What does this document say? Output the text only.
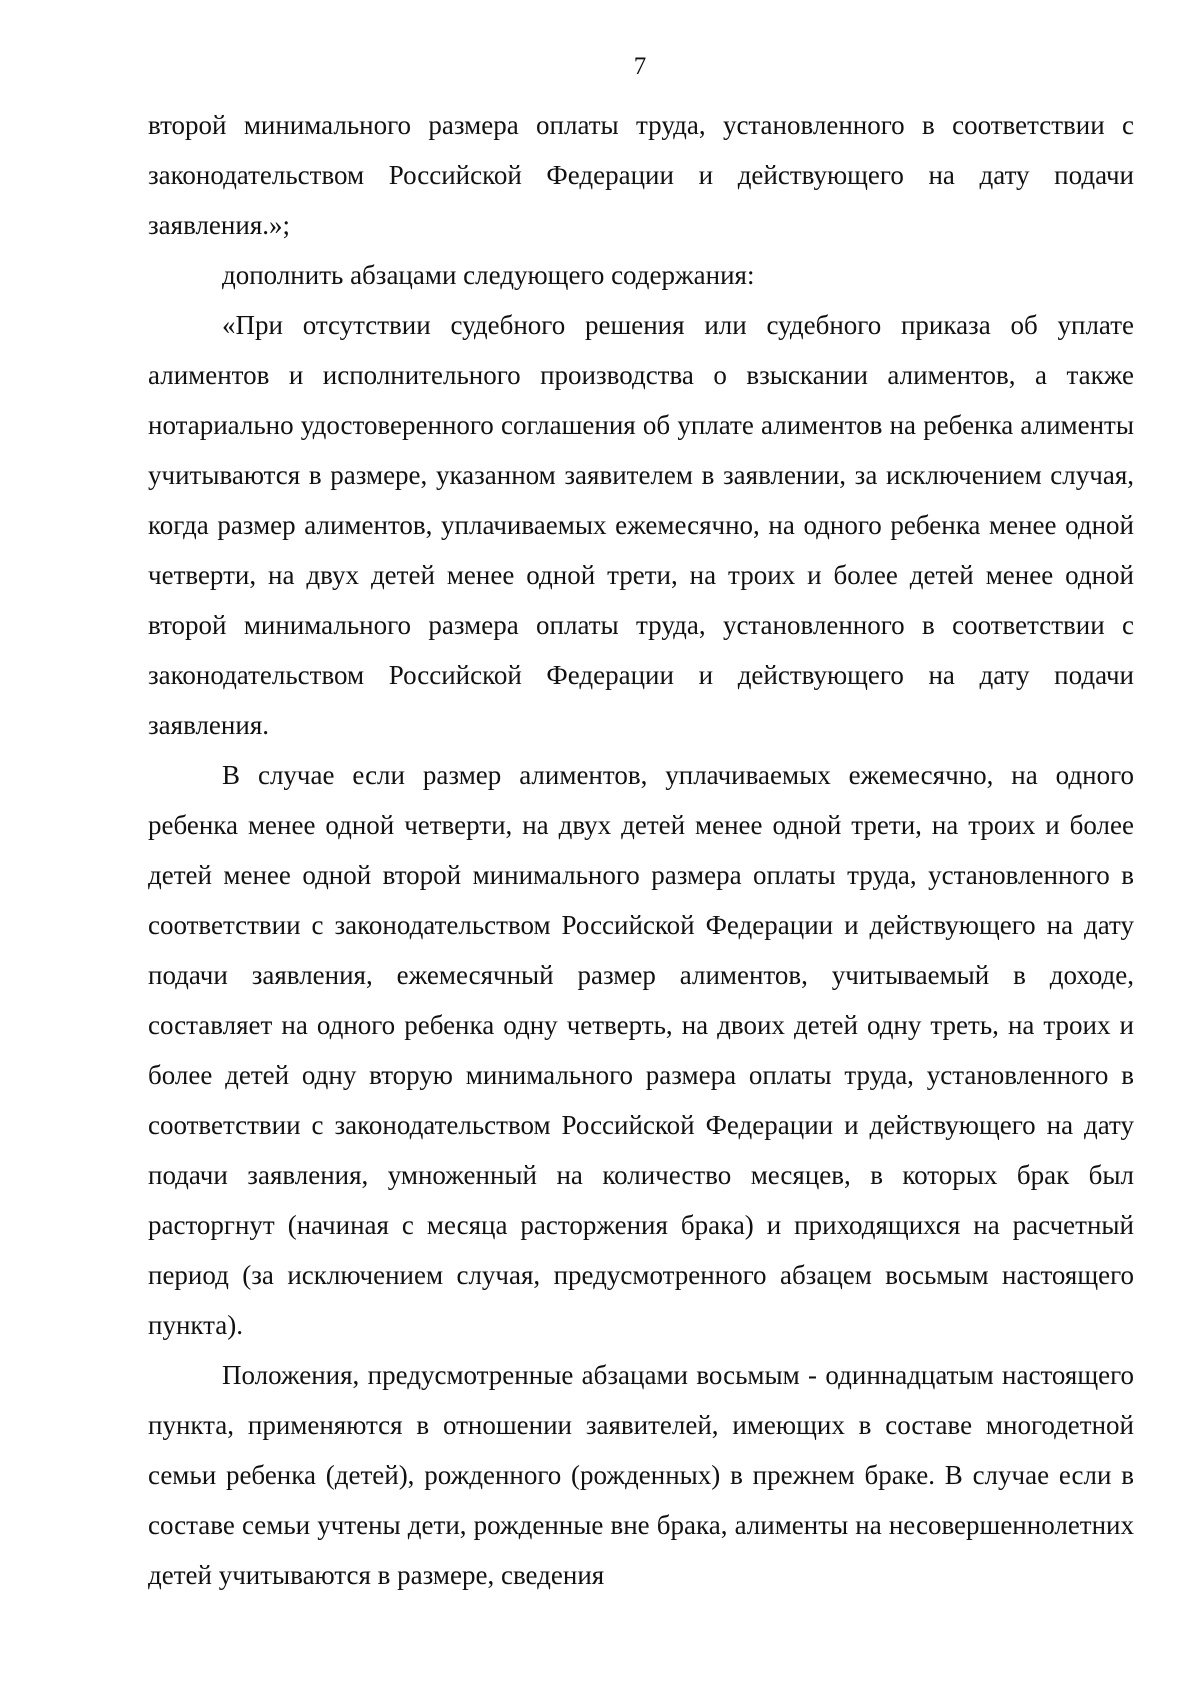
7

второй минимального размера оплаты труда, установленного в соответствии с законодательством Российской Федерации и действующего на дату подачи заявления.»;

дополнить абзацами следующего содержания:

«При отсутствии судебного решения или судебного приказа об уплате алиментов и исполнительного производства о взыскании алиментов, а также нотариально удостоверенного соглашения об уплате алиментов на ребенка алименты учитываются в размере, указанном заявителем в заявлении, за исключением случая, когда размер алиментов, уплачиваемых ежемесячно, на одного ребенка менее одной четверти, на двух детей менее одной трети, на троих и более детей менее одной второй минимального размера оплаты труда, установленного в соответствии с законодательством Российской Федерации и действующего на дату подачи заявления.

В случае если размер алиментов, уплачиваемых ежемесячно, на одного ребенка менее одной четверти, на двух детей менее одной трети, на троих и более детей менее одной второй минимального размера оплаты труда, установленного в соответствии с законодательством Российской Федерации и действующего на дату подачи заявления, ежемесячный размер алиментов, учитываемый в доходе, составляет на одного ребенка одну четверть, на двоих детей одну треть, на троих и более детей одну вторую минимального размера оплаты труда, установленного в соответствии с законодательством Российской Федерации и действующего на дату подачи заявления, умноженный на количество месяцев, в которых брак был расторгнут (начиная с месяца расторжения брака) и приходящихся на расчетный период (за исключением случая, предусмотренного абзацем восьмым настоящего пункта).

Положения, предусмотренные абзацами восьмым - одиннадцатым настоящего пункта, применяются в отношении заявителей, имеющих в составе многодетной семьи ребенка (детей), рожденного (рожденных) в прежнем браке. В случае если в составе семьи учтены дети, рожденные вне брака, алименты на несовершеннолетних детей учитываются в размере, сведения
